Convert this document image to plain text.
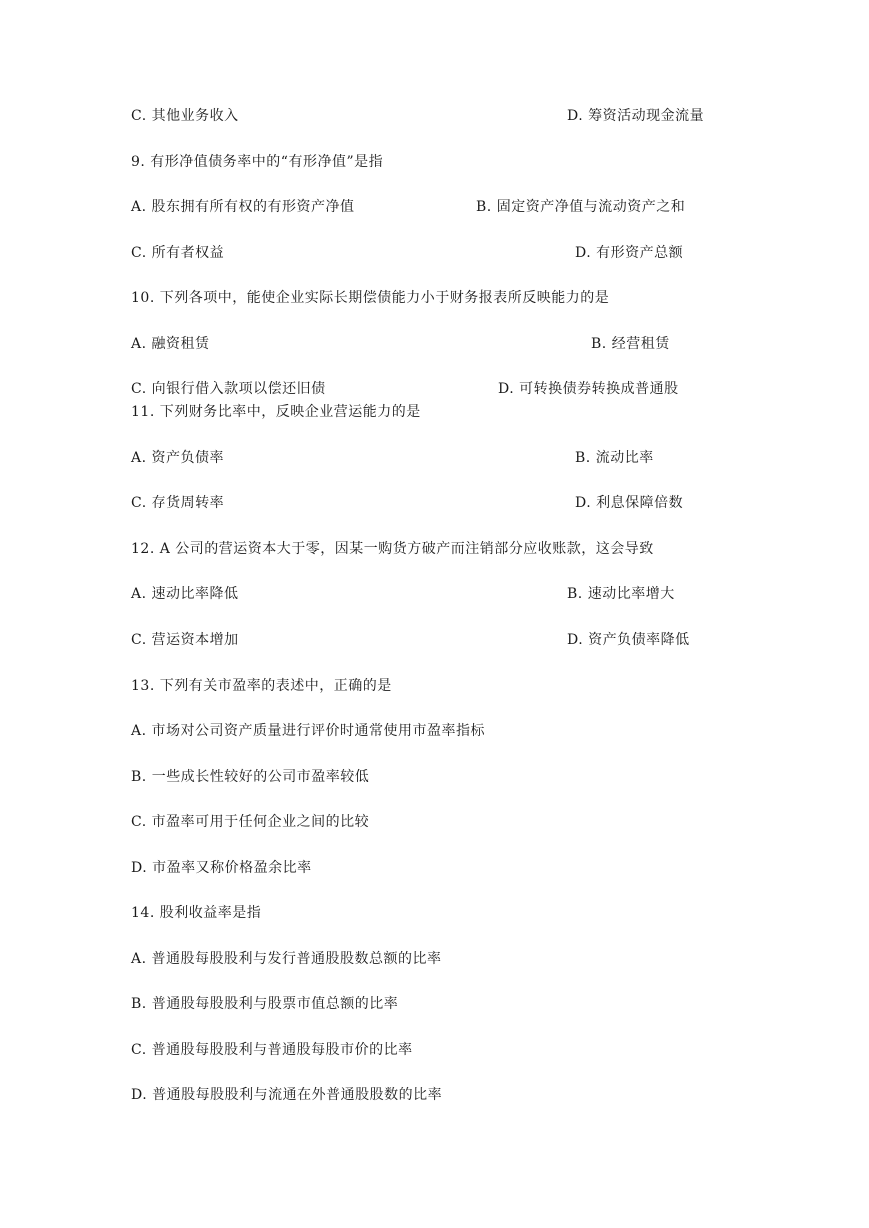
C. 其他业务收入	D. 筹资活动现金流量
9. 有形净值债务率中的“有形净值”是指
A. 股东拥有所有权的有形资产净值	B. 固定资产净值与流动资产之和
C. 所有者权益	D. 有形资产总额
10. 下列各项中，能使企业实际长期偿债能力小于财务报表所反映能力的是
A. 融资租赁	B. 经营租赁
C. 向银行借入款项以偿还旧债	D. 可转换债券转换成普通股
11. 下列财务比率中，反映企业营运能力的是
A. 资产负债率	B. 流动比率
C. 存货周转率	D. 利息保障倍数
12. A 公司的营运资本大于零，因某一购货方破产而注销部分应收账款，这会导致
A. 速动比率降低	B. 速动比率增大
C. 营运资本增加	D. 资产负债率降低
13. 下列有关市盈率的表述中，正确的是
A. 市场对公司资产质量进行评价时通常使用市盈率指标
B. 一些成长性较好的公司市盈率较低
C. 市盈率可用于任何企业之间的比较
D. 市盈率又称价格盈余比率
14. 股利收益率是指
A. 普通股每股股利与发行普通股股数总额的比率
B. 普通股每股股利与股票市值总额的比率
C. 普通股每股股利与普通股每股市价的比率
D. 普通股每股股利与流通在外普通股股数的比率
